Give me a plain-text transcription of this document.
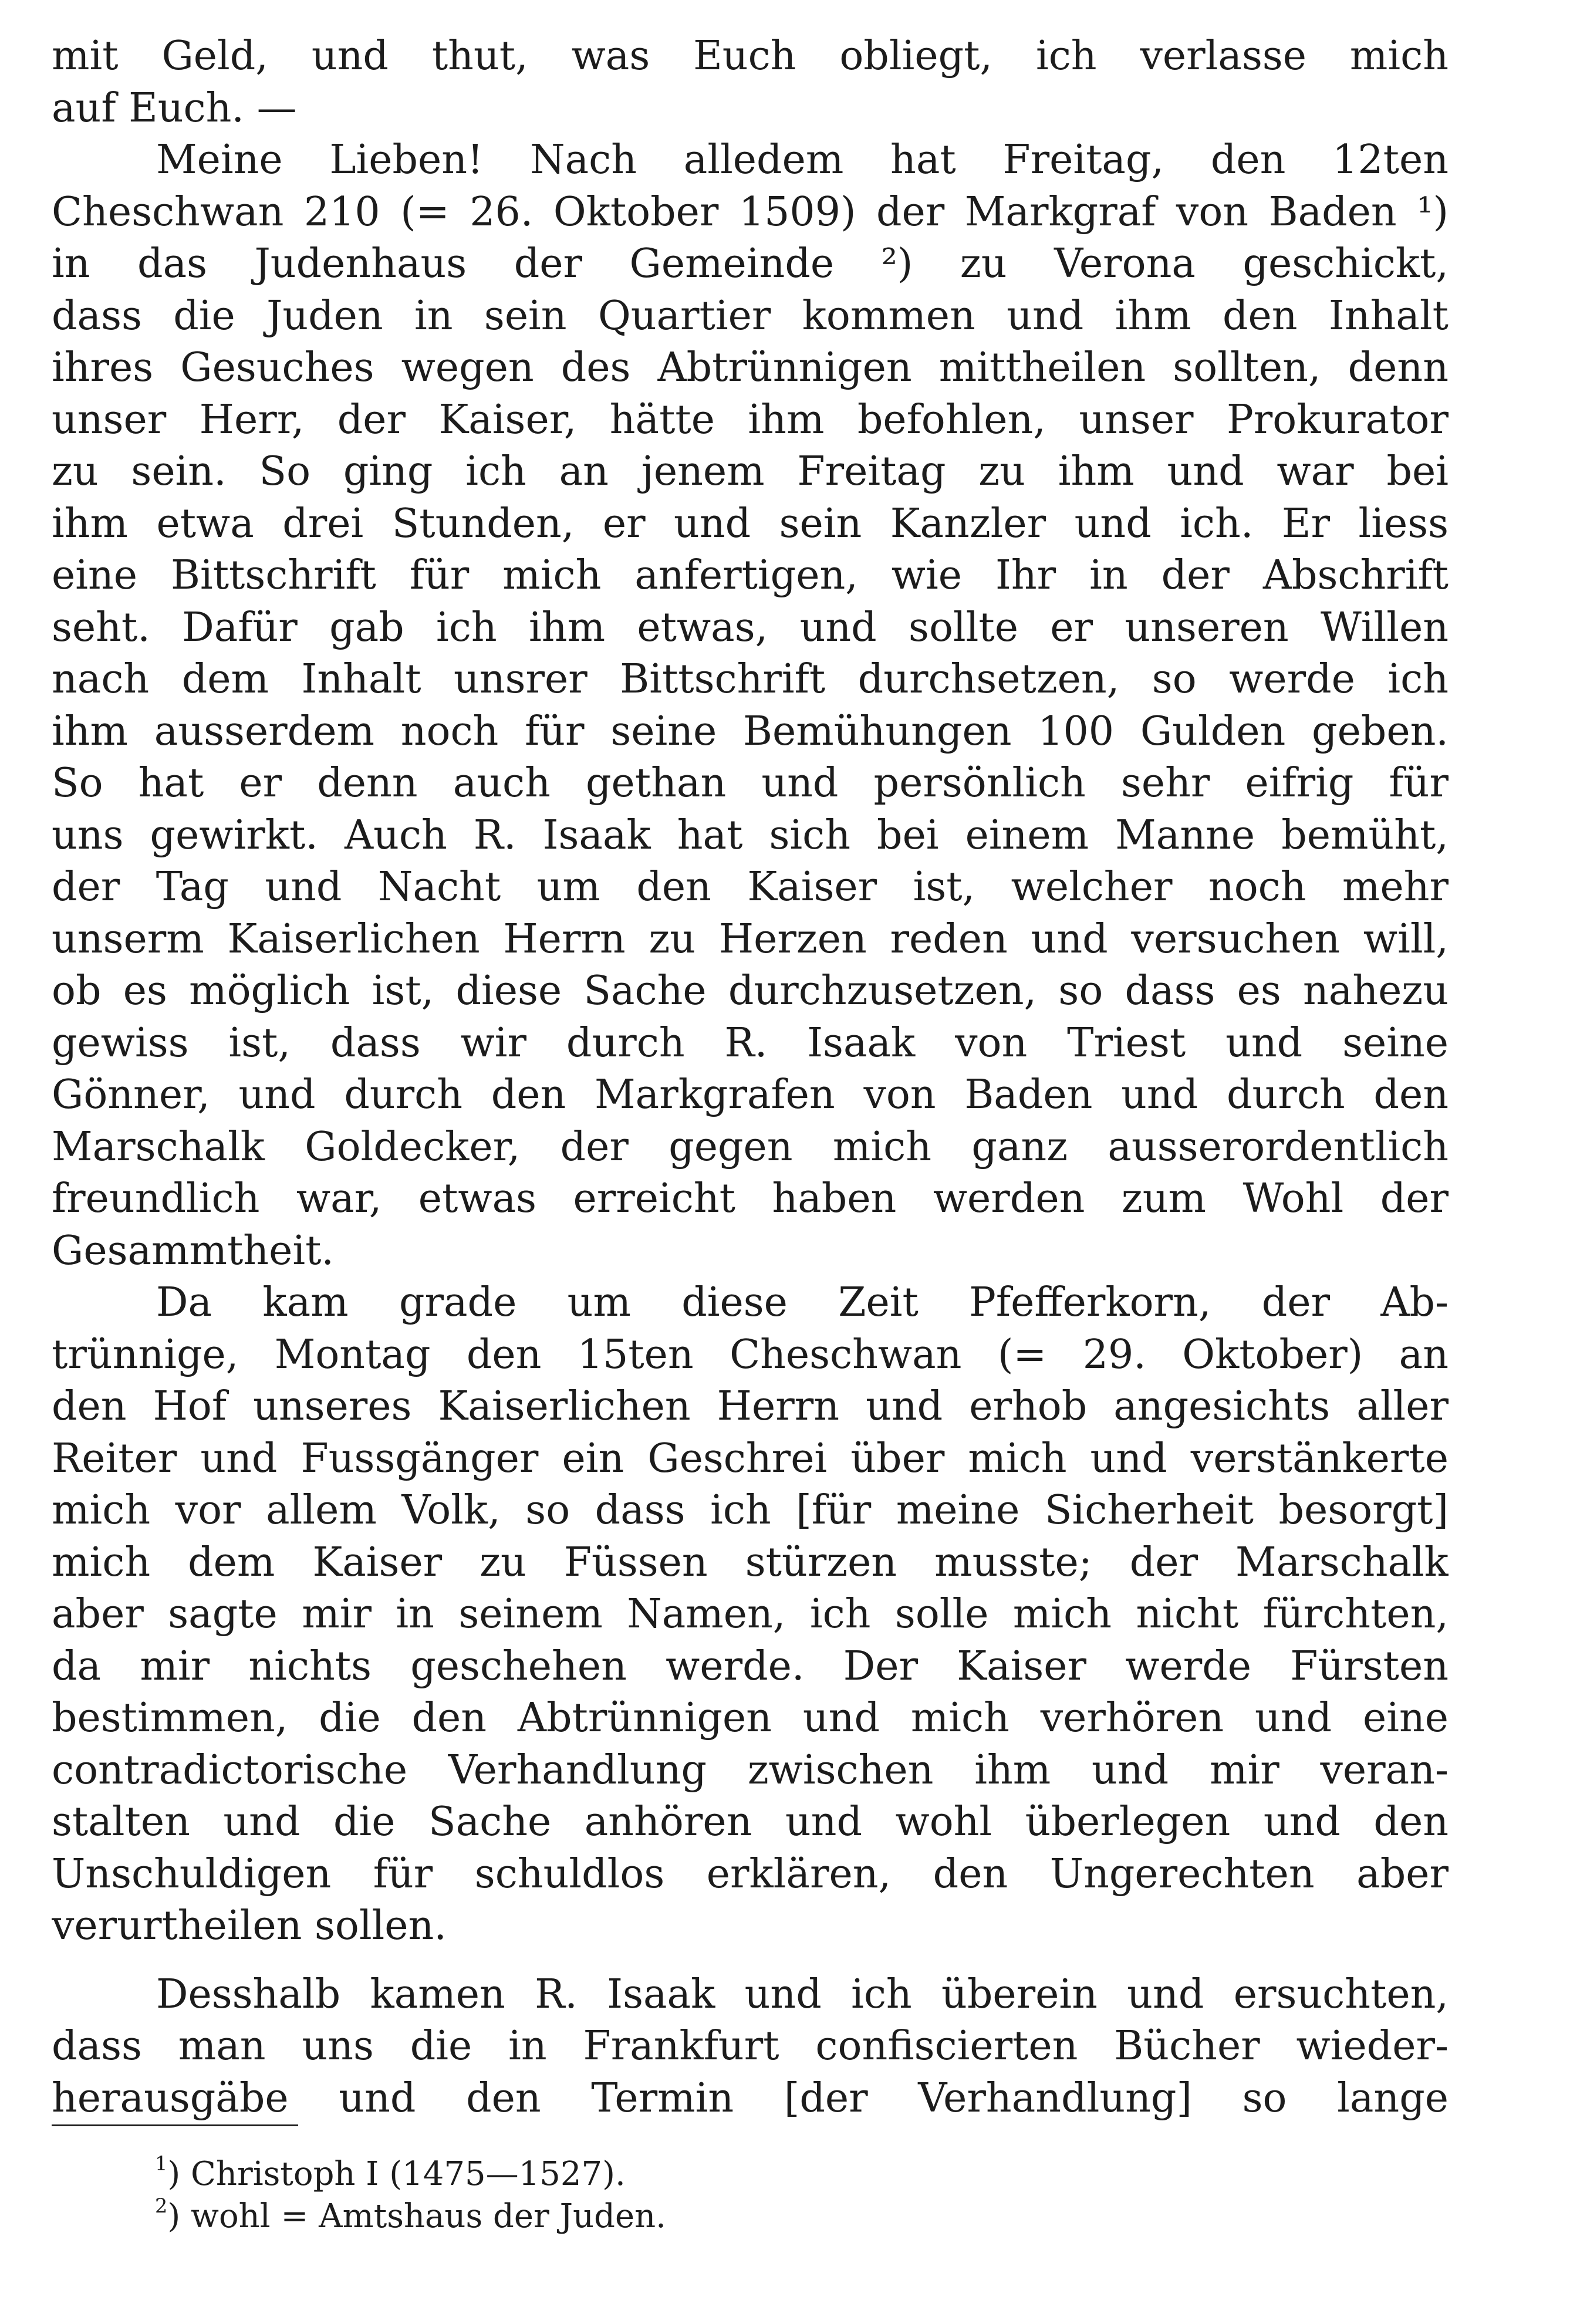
mit Geld, und thut, was Euch obliegt, ich verlasse mich
auf Euch. —
Meine Lieben! Nach alledem hat Freitag, den 12ten
Cheschwan 210 (= 26. Oktober 1509) der Markgraf von Baden ¹)
in das Judenhaus der Gemeinde ²) zu Verona geschickt,
dass die Juden in sein Quartier kommen und ihm den Inhalt
ihres Gesuches wegen des Abtrünnigen mittheilen sollten, denn
unser Herr, der Kaiser, hätte ihm befohlen, unser Prokurator
zu sein. So ging ich an jenem Freitag zu ihm und war bei
ihm etwa drei Stunden, er und sein Kanzler und ich. Er liess
eine Bittschrift für mich anfertigen, wie Ihr in der Abschrift
seht. Dafür gab ich ihm etwas, und sollte er unseren Willen
nach dem Inhalt unsrer Bittschrift durchsetzen, so werde ich
ihm ausserdem noch für seine Bemühungen 100 Gulden geben.
So hat er denn auch gethan und persönlich sehr eifrig für
uns gewirkt. Auch R. Isaak hat sich bei einem Manne bemüht,
der Tag und Nacht um den Kaiser ist, welcher noch mehr
unserm Kaiserlichen Herrn zu Herzen reden und versuchen will,
ob es möglich ist, diese Sache durchzusetzen, so dass es nahezu
gewiss ist, dass wir durch R. Isaak von Triest und seine
Gönner, und durch den Markgrafen von Baden und durch den
Marschalk Goldecker, der gegen mich ganz ausserordentlich
freundlich war, etwas erreicht haben werden zum Wohl der
Gesammtheit.
Da kam grade um diese Zeit Pfefferkorn, der Ab-
trünnige, Montag den 15ten Cheschwan (= 29. Oktober) an
den Hof unseres Kaiserlichen Herrn und erhob angesichts aller
Reiter und Fussgänger ein Geschrei über mich und verstänkerte
mich vor allem Volk, so dass ich [für meine Sicherheit besorgt]
mich dem Kaiser zu Füssen stürzen musste; der Marschalk
aber sagte mir in seinem Namen, ich solle mich nicht fürchten,
da mir nichts geschehen werde. Der Kaiser werde Fürsten
bestimmen, die den Abtrünnigen und mich verhören und eine
contradictorische Verhandlung zwischen ihm und mir veran-
stalten und die Sache anhören und wohl überlegen und den
Unschuldigen für schuldlos erklären, den Ungerechten aber
verurtheilen sollen.
Desshalb kamen R. Isaak und ich überein und ersuchten,
dass man uns die in Frankfurt confiscierten Bücher wieder-
herausgäbe und den Termin [der Verhandlung] so lange
$^1$) Christoph I (1475—1527).
$^2$) wohl = Amtshaus der Juden.
